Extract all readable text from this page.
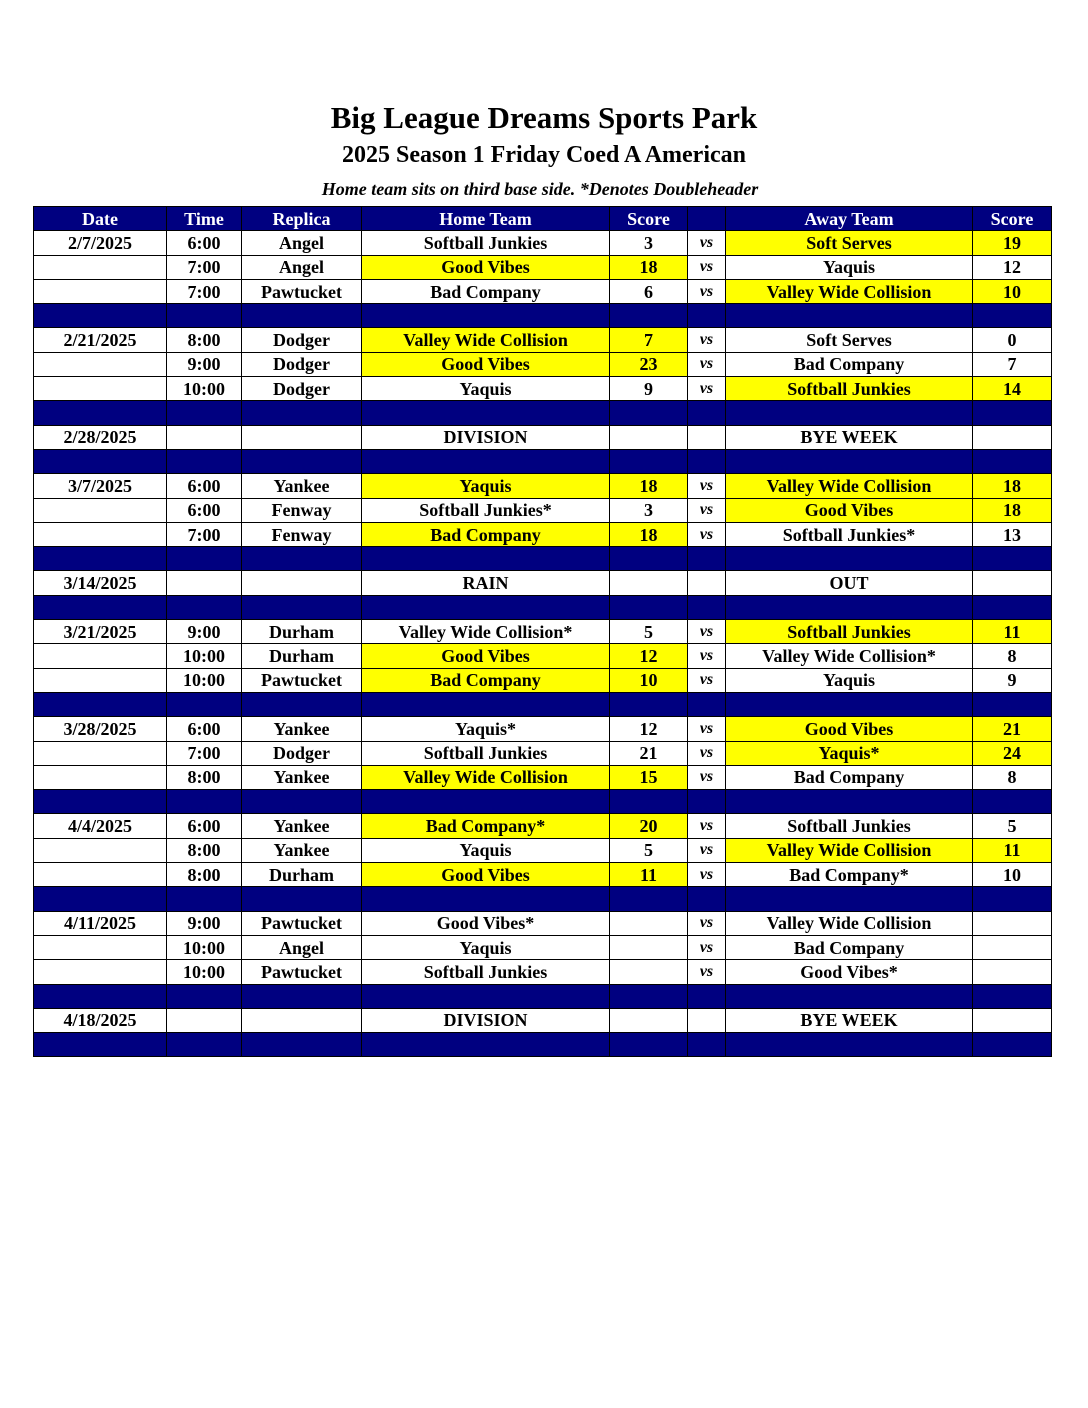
Big League Dreams Sports Park
2025 Season 1 Friday Coed A American
Home team sits on third base side. *Denotes Doubleheader
Date	Time	Replica	Home Team	Score		Away Team	Score
2/7/2025	6:00	Angel	Softball Junkies	3	vs	Soft Serves	19
	7:00	Angel	Good Vibes	18	vs	Yaquis	12
	7:00	Pawtucket	Bad Company	6	vs	Valley Wide Collision	10

2/21/2025	8:00	Dodger	Valley Wide Collision	7	vs	Soft Serves	0
	9:00	Dodger	Good Vibes	23	vs	Bad Company	7
	10:00	Dodger	Yaquis	9	vs	Softball Junkies	14

2/28/2025			DIVISION			BYE WEEK	

3/7/2025	6:00	Yankee	Yaquis	18	vs	Valley Wide Collision	18
	6:00	Fenway	Softball Junkies*	3	vs	Good Vibes	18
	7:00	Fenway	Bad Company	18	vs	Softball Junkies*	13

3/14/2025			RAIN			OUT	

3/21/2025	9:00	Durham	Valley Wide Collision*	5	vs	Softball Junkies	11
	10:00	Durham	Good Vibes	12	vs	Valley Wide Collision*	8
	10:00	Pawtucket	Bad Company	10	vs	Yaquis	9

3/28/2025	6:00	Yankee	Yaquis*	12	vs	Good Vibes	21
	7:00	Dodger	Softball Junkies	21	vs	Yaquis*	24
	8:00	Yankee	Valley Wide Collision	15	vs	Bad Company	8

4/4/2025	6:00	Yankee	Bad Company*	20	vs	Softball Junkies	5
	8:00	Yankee	Yaquis	5	vs	Valley Wide Collision	11
	8:00	Durham	Good Vibes	11	vs	Bad Company*	10

4/11/2025	9:00	Pawtucket	Good Vibes*		vs	Valley Wide Collision	
	10:00	Angel	Yaquis		vs	Bad Company	
	10:00	Pawtucket	Softball Junkies		vs	Good Vibes*	

4/18/2025			DIVISION			BYE WEEK	
